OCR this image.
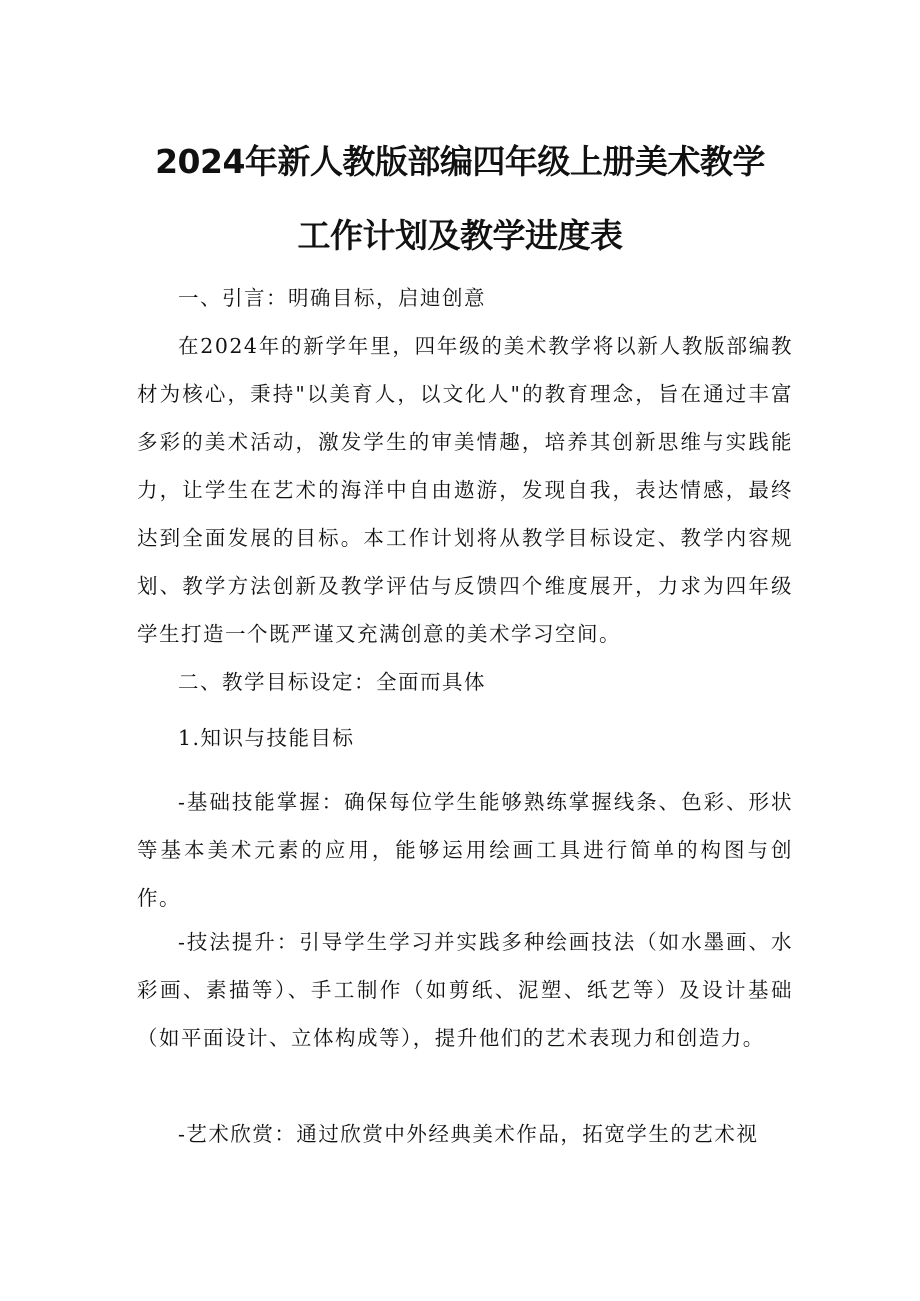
2024年新人教版部编四年级上册美术教学
工作计划及教学进度表

一、引言：明确目标，启迪创意

在2024年的新学年里，四年级的美术教学将以新人教版部编教材为核心，秉持"以美育人，以文化人"的教育理念，旨在通过丰富多彩的美术活动，激发学生的审美情趣，培养其创新思维与实践能力，让学生在艺术的海洋中自由遨游，发现自我，表达情感，最终达到全面发展的目标。本工作计划将从教学目标设定、教学内容规划、教学方法创新及教学评估与反馈四个维度展开，力求为四年级学生打造一个既严谨又充满创意的美术学习空间。

二、教学目标设定：全面而具体

1.知识与技能目标

-基础技能掌握：确保每位学生能够熟练掌握线条、色彩、形状等基本美术元素的应用，能够运用绘画工具进行简单的构图与创作。

-技法提升：引导学生学习并实践多种绘画技法（如水墨画、水彩画、素描等）、手工制作（如剪纸、泥塑、纸艺等）及设计基础（如平面设计、立体构成等），提升他们的艺术表现力和创造力。

-艺术欣赏：通过欣赏中外经典美术作品，拓宽学生的艺术视
